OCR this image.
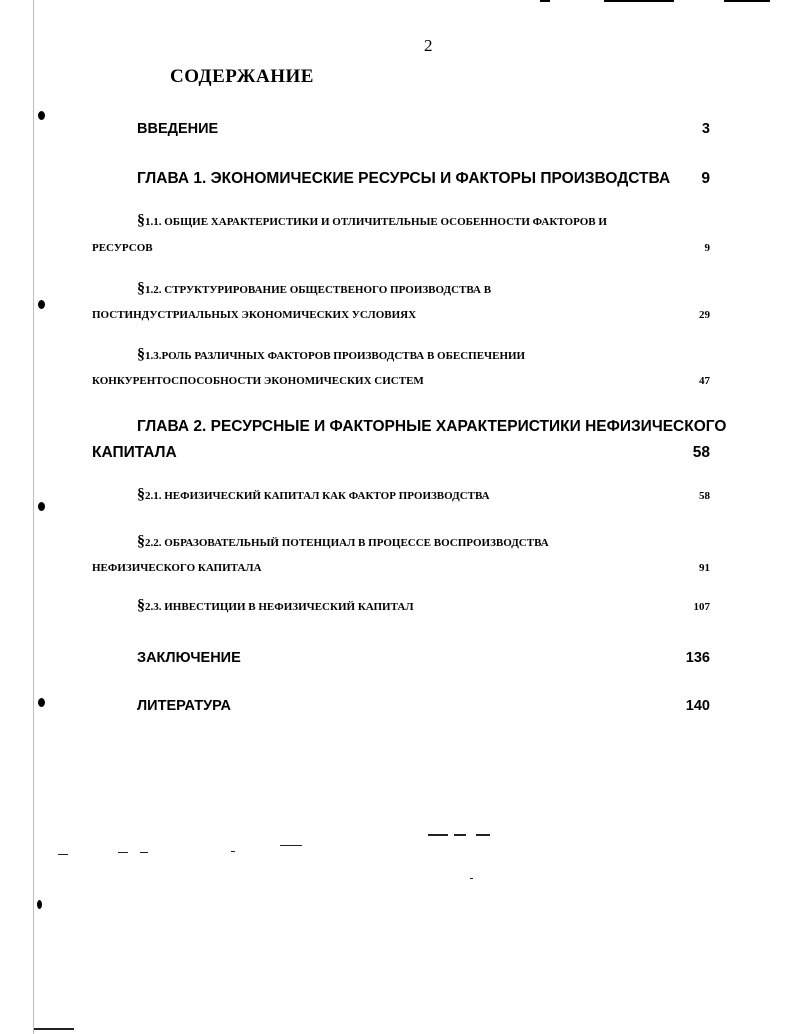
2
СОДЕРЖАНИЕ
ВВЕДЕНИЕ	3
ГЛАВА 1. ЭКОНОМИЧЕСКИЕ РЕСУРСЫ И ФАКТОРЫ ПРОИЗВОДСТВА 9
§1.1. ОБЩИЕ ХАРАКТЕРИСТИКИ И ОТЛИЧИТЕЛЬНЫЕ ОСОБЕННОСТИ ФАКТОРОВ И
РЕСУРСОВ	9
§1.2. СТРУКТУРИРОВАНИЕ ОБЩЕСТВЕНОГО ПРОИЗВОДСТВА В
ПОСТИНДУСТРИАЛЬНЫХ ЭКОНОМИЧЕСКИХ УСЛОВИЯХ	29
§1.3.РОЛЬ РАЗЛИЧНЫХ ФАКТОРОВ ПРОИЗВОДСТВА В ОБЕСПЕЧЕНИИ
КОНКУРЕНТОСПОСОБНОСТИ ЭКОНОМИЧЕСКИХ СИСТЕМ	47
ГЛАВА 2. РЕСУРСНЫЕ И ФАКТОРНЫЕ ХАРАКТЕРИСТИКИ НЕФИЗИЧЕСКОГО
КАПИТАЛА	58
§2.1. НЕФИЗИЧЕСКИЙ КАПИТАЛ КАК ФАКТОР ПРОИЗВОДСТВА	58
§2.2. ОБРАЗОВАТЕЛЬНЫЙ ПОТЕНЦИАЛ В ПРОЦЕССЕ ВОСПРОИЗВОДСТВА
НЕФИЗИЧЕСКОГО КАПИТАЛА	91
§2.3. ИНВЕСТИЦИИ В НЕФИЗИЧЕСКИЙ КАПИТАЛ	107
ЗАКЛЮЧЕНИЕ	136
ЛИТЕРАТУРА	140
